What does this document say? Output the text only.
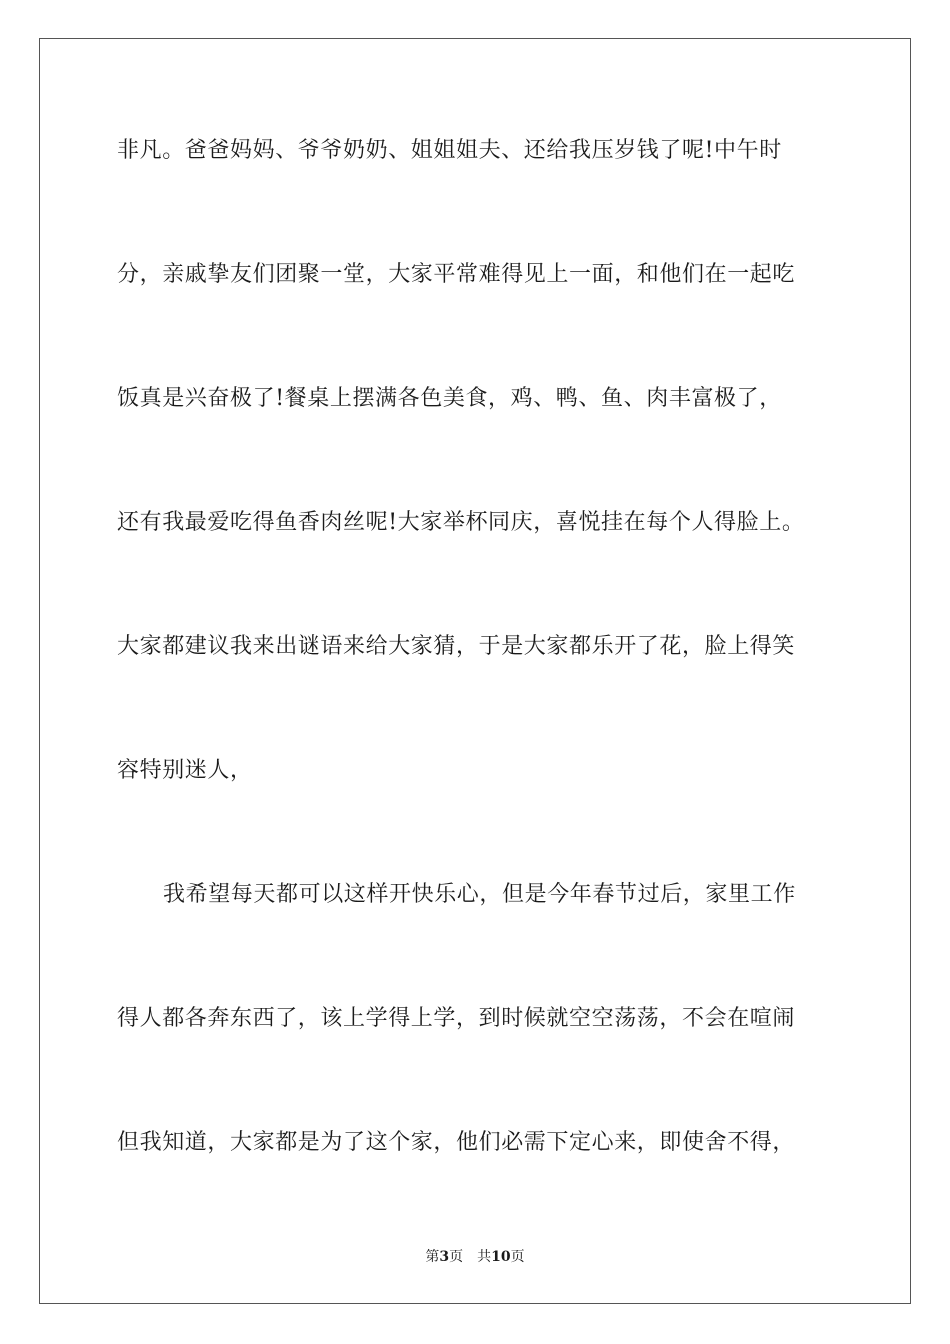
非凡。爸爸妈妈、爷爷奶奶、姐姐姐夫、还给我压岁钱了呢!中午时
分，亲戚挚友们团聚一堂，大家平常难得见上一面，和他们在一起吃
饭真是兴奋极了!餐桌上摆满各色美食，鸡、鸭、鱼、肉丰富极了，
还有我最爱吃得鱼香肉丝呢!大家举杯同庆，喜悦挂在每个人得脸上。
大家都建议我来出谜语来给大家猜，于是大家都乐开了花，脸上得笑
容特别迷人，
我希望每天都可以这样开快乐心，但是今年春节过后，家里工作
得人都各奔东西了，该上学得上学，到时候就空空荡荡，不会在喧闹
但我知道，大家都是为了这个家，他们必需下定心来，即使舍不得，
第3页 共10页
